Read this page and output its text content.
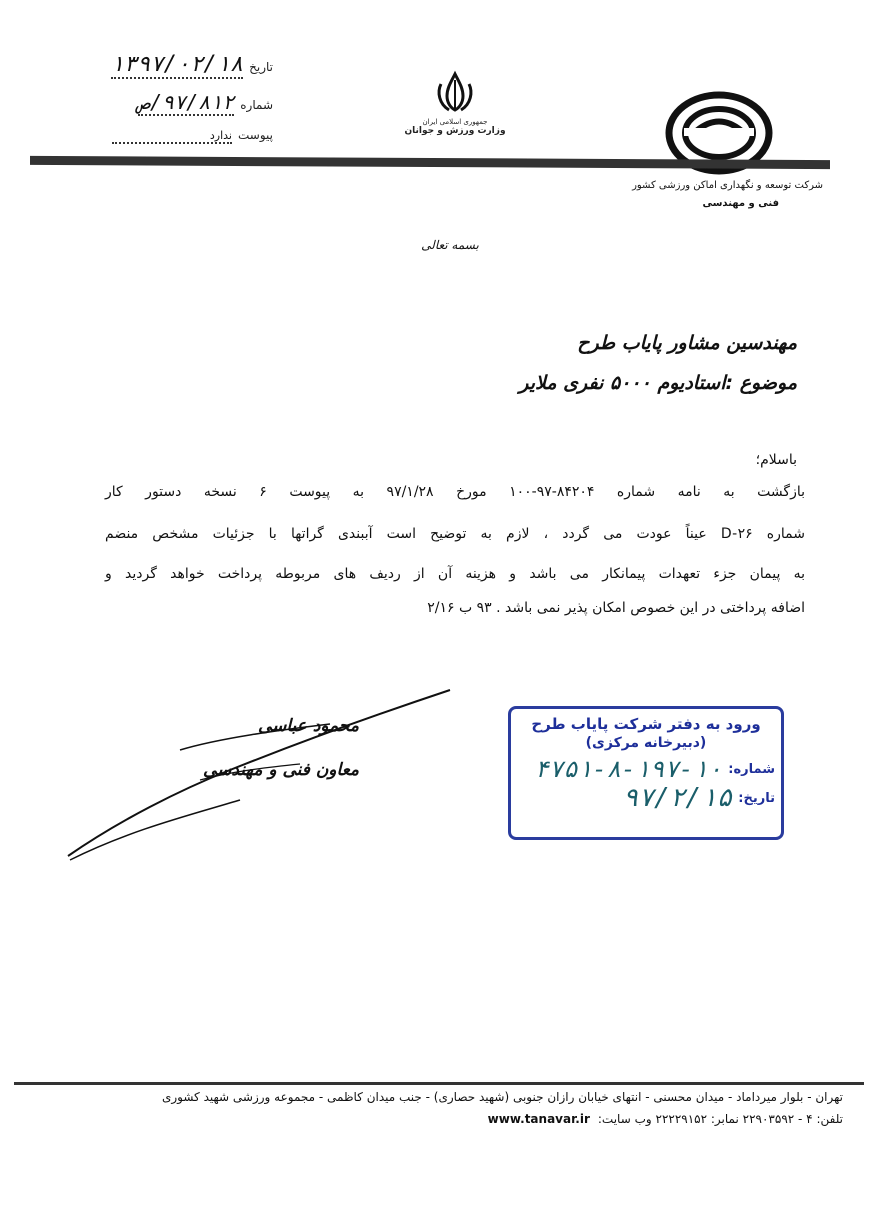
تاریخ
۱۳۹۷/۰۲/۱۸
شماره
۹۷/۸۱۲/ص
پیوست
ندارد
جمهوری اسلامی ایران
وزارت ورزش و جوانان
شرکت توسعه و نگهداری اماکن ورزشی کشور
فنی و مهندسی
بسمه تعالی
مهندسین مشاور پایاب طرح
موضوع :استادیوم ۵۰۰۰ نفری ملایر
باسلام؛
بازگشت به نامه شماره ۸۴۲۰۴-۹۷-۱۰۰ مورخ ۹۷/۱/۲۸ به پیوست ۶ نسخه دستور کار
شماره D-۲۶ عیناً عودت می گردد ، لازم به توضیح است آببندی گراتها با جزئیات مشخص منضم
به پیمان جزء تعهدات پیمانکار می باشد و هزینه آن از ردیف های مربوطه پرداخت خواهد گردید و
اضافه پرداختی در این خصوص امکان پذیر نمی باشد . ۹۳ ب ۲/۱۶
محمود عباسی
معاون فنی و مهندسی
ورود به دفتر شرکت پایاب طرح
(دبیرخانه مرکزی)
شماره:
۴۷۵۱-۸-۱۹۷-۱۰
تاریخ:
۹۷/۲/۱۵
تهران - بلوار میرداماد - میدان محسنی - انتهای خیابان رازان جنوبی (شهید حصاری) - جنب میدان کاظمی - مجموعه ورزشی شهید کشوری
تلفن: ۴ - ۲۲۹۰۳۵۹۲ نمابر: ۲۲۲۲۹۱۵۲ وب سایت:
www.tanavar.ir
